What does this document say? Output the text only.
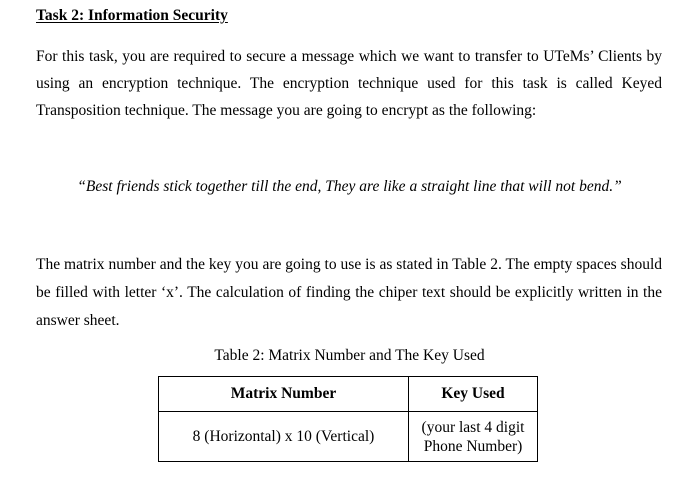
Task 2: Information Security
For this task, you are required to secure a message which we want to transfer to UTeMs’ Clients by using an encryption technique. The encryption technique used for this task is called Keyed Transposition technique. The message you are going to encrypt as the following:
“Best friends stick together till the end, They are like a straight line that will not bend.”
The matrix number and the key you are going to use is as stated in Table 2. The empty spaces should be filled with letter ‘x’. The calculation of finding the chiper text should be explicitly written in the answer sheet.
Table 2: Matrix Number and The Key Used
Matrix Number	Key Used
8 (Horizontal) x 10 (Vertical)	(your last 4 digit
Phone Number)
